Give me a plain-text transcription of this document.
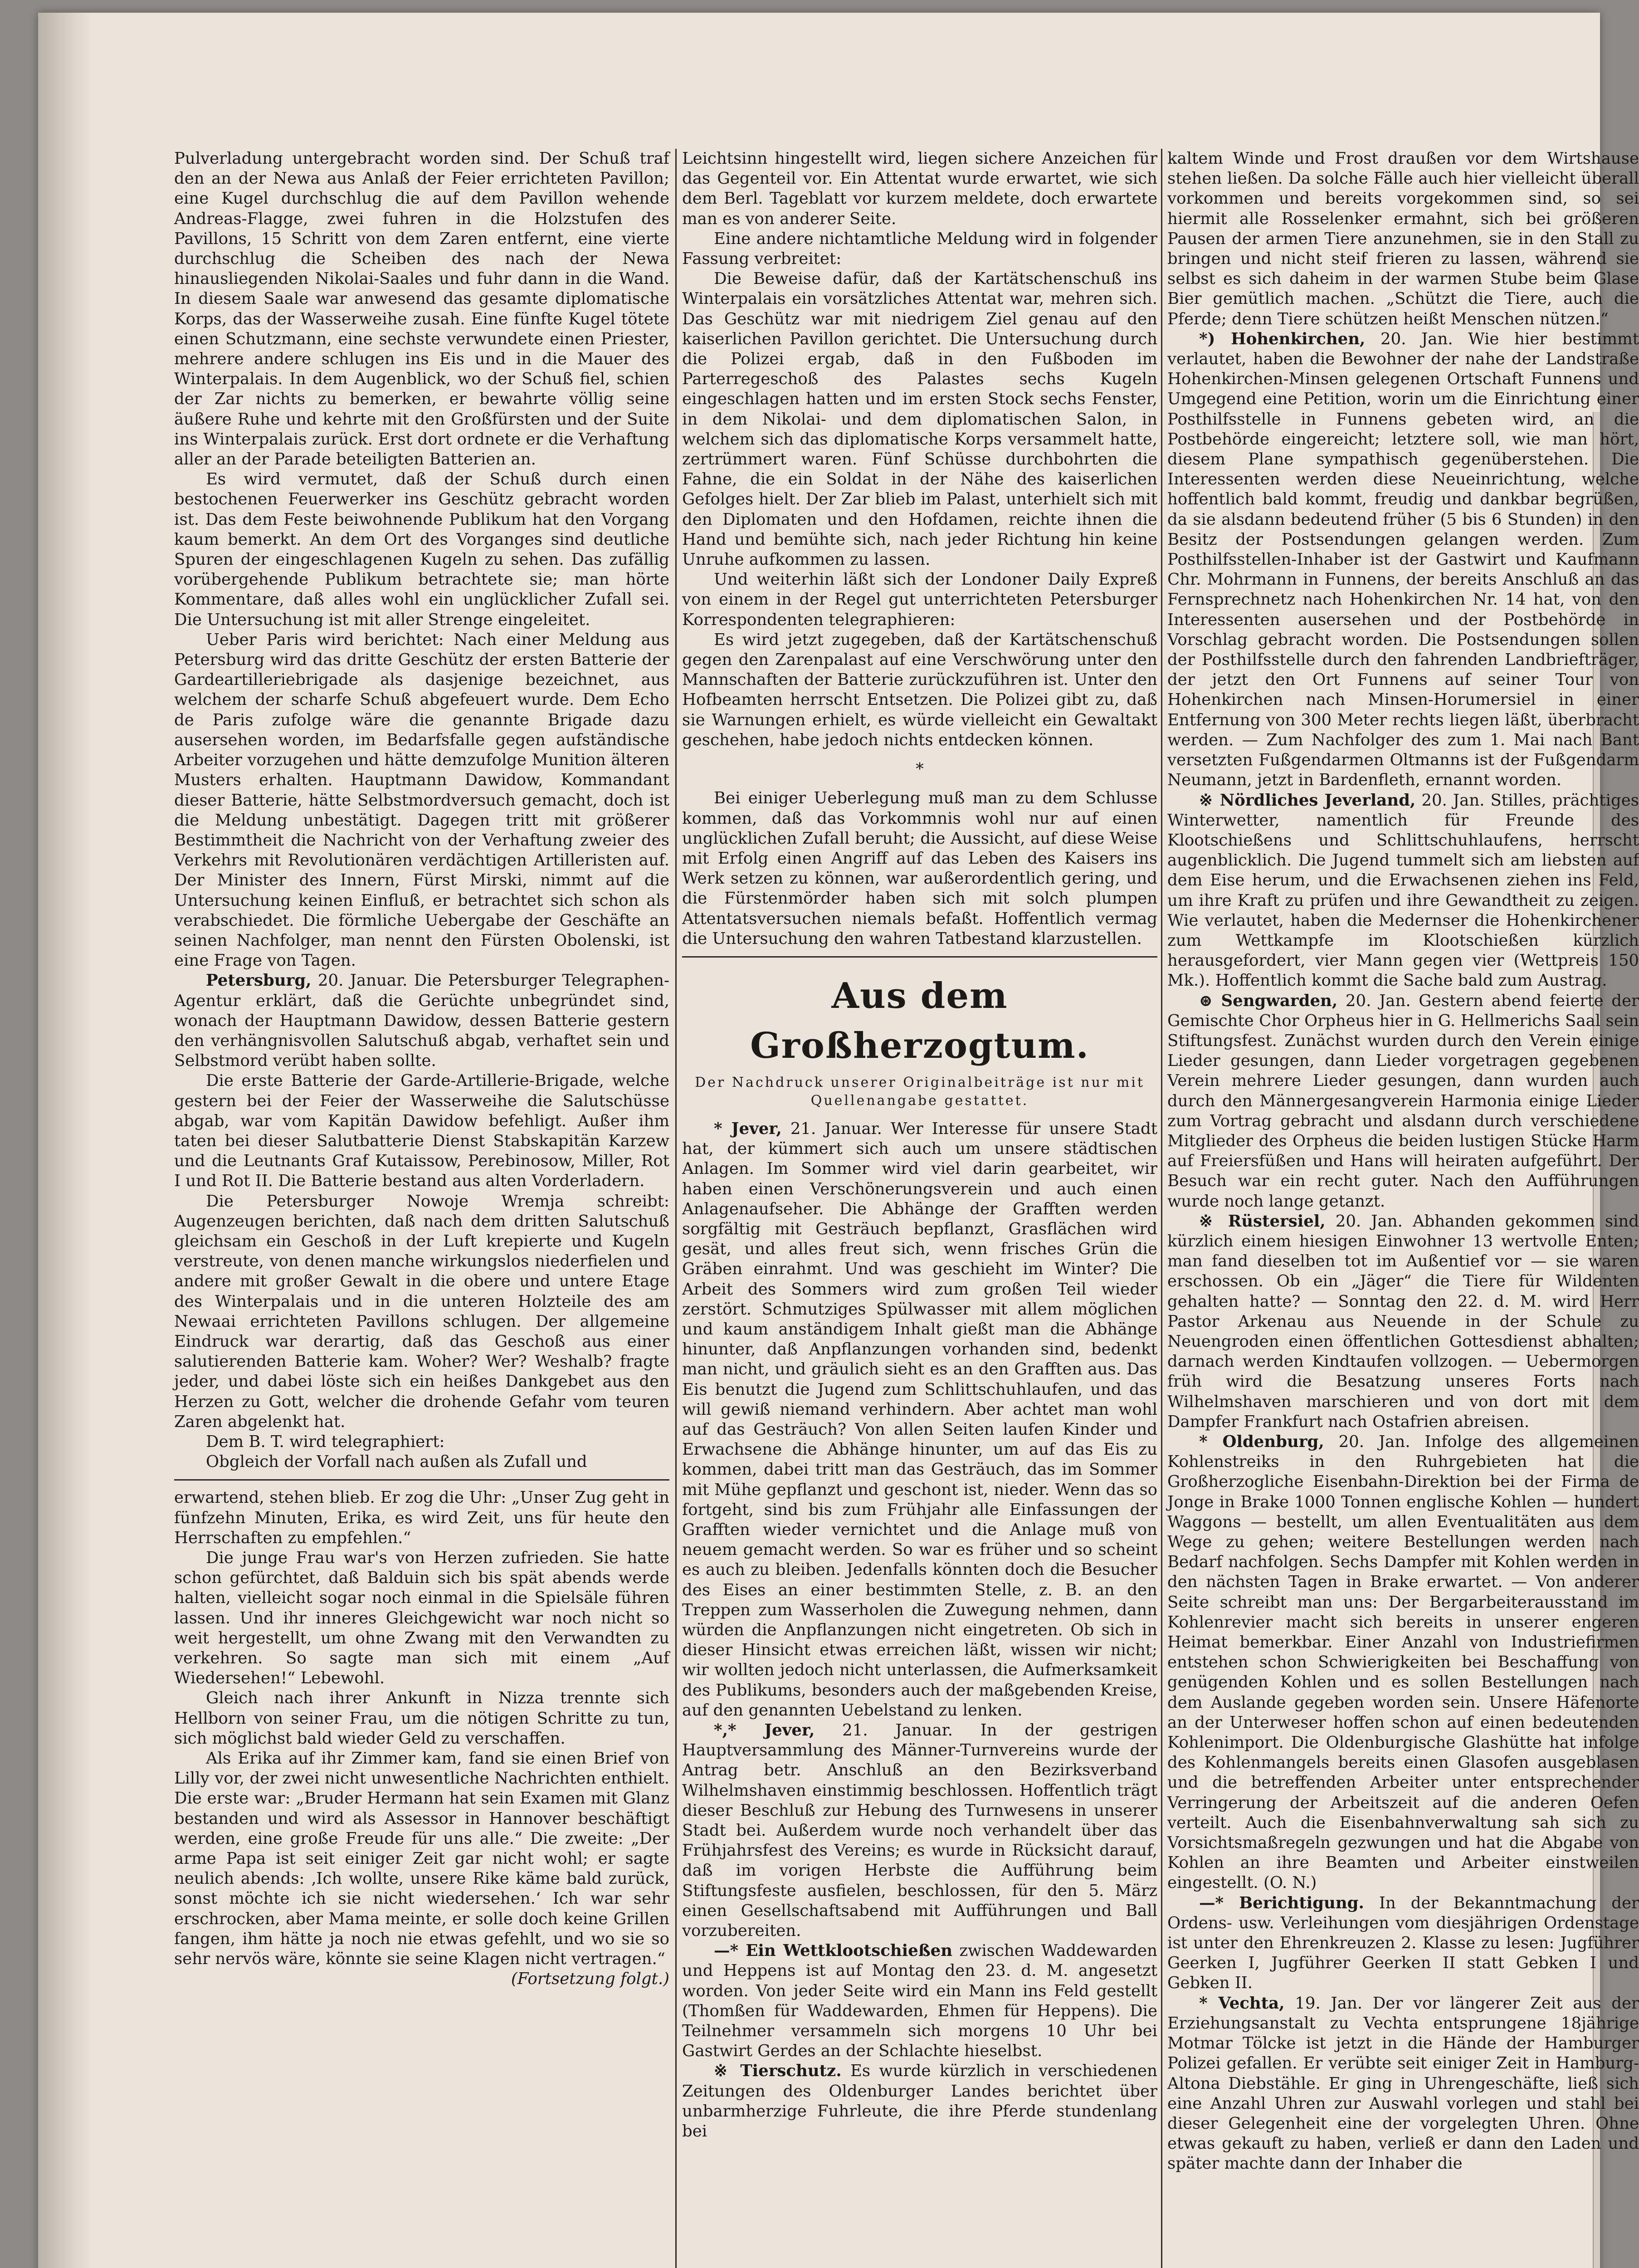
Pulverladung untergebracht worden sind. Der Schuß traf den an der Newa aus Anlaß der Feier errichteten Pavillon; eine Kugel durchschlug die auf dem Pavillon wehende Andreas-Flagge, zwei fuhren in die Holzstufen des Pavillons, 15 Schritt von dem Zaren entfernt, eine vierte durchschlug die Scheiben des nach der Newa hinausliegenden Nikolai-Saales und fuhr dann in die Wand. In diesem Saale war anwesend das gesamte diplomatische Korps, das der Wasserweihe zusah. Eine fünfte Kugel tötete einen Schutzmann, eine sechste verwundete einen Priester, mehrere andere schlugen ins Eis und in die Mauer des Winterpalais. In dem Augenblick, wo der Schuß fiel, schien der Zar nichts zu bemerken, er bewahrte völlig seine äußere Ruhe und kehrte mit den Großfürsten und der Suite ins Winterpalais zurück. Erst dort ordnete er die Verhaftung aller an der Parade beteiligten Batterien an.

Es wird vermutet, daß der Schuß durch einen bestochenen Feuerwerker ins Geschütz gebracht worden ist. Das dem Feste beiwohnende Publikum hat den Vorgang kaum bemerkt. An dem Ort des Vorganges sind deutliche Spuren der eingeschlagenen Kugeln zu sehen. Das zufällig vorübergehende Publikum betrachtete sie; man hörte Kommentare, daß alles wohl ein unglücklicher Zufall sei. Die Untersuchung ist mit aller Strenge eingeleitet.

Ueber Paris wird berichtet: Nach einer Meldung aus Petersburg wird das dritte Geschütz der ersten Batterie der Gardeartilleriebrigade als dasjenige bezeichnet, aus welchem der scharfe Schuß abgefeuert wurde. Dem Echo de Paris zufolge wäre die genannte Brigade dazu ausersehen worden, im Bedarfsfalle gegen aufständische Arbeiter vorzugehen und hätte demzufolge Munition älteren Musters erhalten. Hauptmann Dawidow, Kommandant dieser Batterie, hätte Selbstmordversuch gemacht, doch ist die Meldung unbestätigt. Dagegen tritt mit größerer Bestimmtheit die Nachricht von der Verhaftung zweier des Verkehrs mit Revolutionären verdächtigen Artilleristen auf. Der Minister des Innern, Fürst Mirski, nimmt auf die Untersuchung keinen Einfluß, er betrachtet sich schon als verabschiedet. Die förmliche Uebergabe der Geschäfte an seinen Nachfolger, man nennt den Fürsten Obolenski, ist eine Frage von Tagen.

Petersburg, 20. Januar. Die Petersburger Telegraphen-Agentur erklärt, daß die Gerüchte unbegründet sind, wonach der Hauptmann Dawidow, dessen Batterie gestern den verhängnisvollen Salutschuß abgab, verhaftet sein und Selbstmord verübt haben sollte.

Die erste Batterie der Garde-Artillerie-Brigade, welche gestern bei der Feier der Wasserweihe die Salutschüsse abgab, war vom Kapitän Dawidow befehligt. Außer ihm taten bei dieser Salutbatterie Dienst Stabskapitän Karzew und die Leutnants Graf Kutaissow, Perebinosow, Miller, Rot I und Rot II. Die Batterie bestand aus alten Vorderladern.

Die Petersburger Nowoje Wremja schreibt: Augenzeugen berichten, daß nach dem dritten Salutschuß gleichsam ein Geschoß in der Luft krepierte und Kugeln verstreute, von denen manche wirkungslos niederfielen und andere mit großer Gewalt in die obere und untere Etage des Winterpalais und in die unteren Holzteile des am Newaai errichteten Pavillons schlugen. Der allgemeine Eindruck war derartig, daß das Geschoß aus einer salutierenden Batterie kam. Woher? Wer? Weshalb? fragte jeder, und dabei löste sich ein heißes Dankgebet aus den Herzen zu Gott, welcher die drohende Gefahr vom teuren Zaren abgelenkt hat.

Dem B. T. wird telegraphiert:

Obgleich der Vorfall nach außen als Zufall und

erwartend, stehen blieb. Er zog die Uhr: „Unser Zug geht in fünfzehn Minuten, Erika, es wird Zeit, uns für heute den Herrschaften zu empfehlen.“

Die junge Frau war's von Herzen zufrieden. Sie hatte schon gefürchtet, daß Balduin sich bis spät abends werde halten, vielleicht sogar noch einmal in die Spielsäle führen lassen. Und ihr inneres Gleichgewicht war noch nicht so weit hergestellt, um ohne Zwang mit den Verwandten zu verkehren. So sagte man sich mit einem „Auf Wiedersehen!“ Lebewohl.

Gleich nach ihrer Ankunft in Nizza trennte sich Hellborn von seiner Frau, um die nötigen Schritte zu tun, sich möglichst bald wieder Geld zu verschaffen.

Als Erika auf ihr Zimmer kam, fand sie einen Brief von Lilly vor, der zwei nicht unwesentliche Nachrichten enthielt. Die erste war: „Bruder Hermann hat sein Examen mit Glanz bestanden und wird als Assessor in Hannover beschäftigt werden, eine große Freude für uns alle.“ Die zweite: „Der arme Papa ist seit einiger Zeit gar nicht wohl; er sagte neulich abends: ‚Ich wollte, unsere Rike käme bald zurück, sonst möchte ich sie nicht wiedersehen.‘ Ich war sehr erschrocken, aber Mama meinte, er solle doch keine Grillen fangen, ihm hätte ja noch nie etwas gefehlt, und wo sie so sehr nervös wäre, könnte sie seine Klagen nicht vertragen.“

(Fortsetzung folgt.)

Leichtsinn hingestellt wird, liegen sichere Anzeichen für das Gegenteil vor. Ein Attentat wurde erwartet, wie sich dem Berl. Tageblatt vor kurzem meldete, doch erwartete man es von anderer Seite.

Eine andere nichtamtliche Meldung wird in folgender Fassung verbreitet:

Die Beweise dafür, daß der Kartätschenschuß ins Winterpalais ein vorsätzliches Attentat war, mehren sich. Das Geschütz war mit niedrigem Ziel genau auf den kaiserlichen Pavillon gerichtet. Die Untersuchung durch die Polizei ergab, daß in den Fußboden im Parterregeschoß des Palastes sechs Kugeln eingeschlagen hatten und im ersten Stock sechs Fenster, in dem Nikolai- und dem diplomatischen Salon, in welchem sich das diplomatische Korps versammelt hatte, zertrümmert waren. Fünf Schüsse durchbohrten die Fahne, die ein Soldat in der Nähe des kaiserlichen Gefolges hielt. Der Zar blieb im Palast, unterhielt sich mit den Diplomaten und den Hofdamen, reichte ihnen die Hand und bemühte sich, nach jeder Richtung hin keine Unruhe aufkommen zu lassen.

Und weiterhin läßt sich der Londoner Daily Expreß von einem in der Regel gut unterrichteten Petersburger Korrespondenten telegraphieren:

Es wird jetzt zugegeben, daß der Kartätschenschuß gegen den Zarenpalast auf eine Verschwörung unter den Mannschaften der Batterie zurückzuführen ist. Unter den Hofbeamten herrscht Entsetzen. Die Polizei gibt zu, daß sie Warnungen erhielt, es würde vielleicht ein Gewaltakt geschehen, habe jedoch nichts entdecken können.

*

Bei einiger Ueberlegung muß man zu dem Schlusse kommen, daß das Vorkommnis wohl nur auf einen unglücklichen Zufall beruht; die Aussicht, auf diese Weise mit Erfolg einen Angriff auf das Leben des Kaisers ins Werk setzen zu können, war außerordentlich gering, und die Fürstenmörder haben sich mit solch plumpen Attentatsversuchen niemals befaßt. Hoffentlich vermag die Untersuchung den wahren Tatbestand klarzustellen.

Aus dem Großherzogtum.
Der Nachdruck unserer Originalbeiträge ist nur mit Quellenangabe gestattet.

* Jever, 21. Januar. Wer Interesse für unsere Stadt hat, der kümmert sich auch um unsere städtischen Anlagen. Im Sommer wird viel darin gearbeitet, wir haben einen Verschönerungsverein und auch einen Anlagenaufseher. Die Abhänge der Grafften werden sorgfältig mit Gesträuch bepflanzt, Grasflächen wird gesät, und alles freut sich, wenn frisches Grün die Gräben einrahmt. Und was geschieht im Winter? Die Arbeit des Sommers wird zum großen Teil wieder zerstört. Schmutziges Spülwasser mit allem möglichen und kaum anständigem Inhalt gießt man die Abhänge hinunter, daß Anpflanzungen vorhanden sind, bedenkt man nicht, und gräulich sieht es an den Grafften aus. Das Eis benutzt die Jugend zum Schlittschuhlaufen, und das will gewiß niemand verhindern. Aber achtet man wohl auf das Gesträuch? Von allen Seiten laufen Kinder und Erwachsene die Abhänge hinunter, um auf das Eis zu kommen, dabei tritt man das Gesträuch, das im Sommer mit Mühe gepflanzt und geschont ist, nieder. Wenn das so fortgeht, sind bis zum Frühjahr alle Einfassungen der Grafften wieder vernichtet und die Anlage muß von neuem gemacht werden. So war es früher und so scheint es auch zu bleiben. Jedenfalls könnten doch die Besucher des Eises an einer bestimmten Stelle, z. B. an den Treppen zum Wasserholen die Zuwegung nehmen, dann würden die Anpflanzungen nicht eingetreten. Ob sich in dieser Hinsicht etwas erreichen läßt, wissen wir nicht; wir wollten jedoch nicht unterlassen, die Aufmerksamkeit des Publikums, besonders auch der maßgebenden Kreise, auf den genannten Uebelstand zu lenken.

*,* Jever, 21. Januar. In der gestrigen Hauptversammlung des Männer-Turnvereins wurde der Antrag betr. Anschluß an den Bezirksverband Wilhelmshaven einstimmig beschlossen. Hoffentlich trägt dieser Beschluß zur Hebung des Turnwesens in unserer Stadt bei. Außerdem wurde noch verhandelt über das Frühjahrsfest des Vereins; es wurde in Rücksicht darauf, daß im vorigen Herbste die Aufführung beim Stiftungsfeste ausfielen, beschlossen, für den 5. März einen Gesellschaftsabend mit Aufführungen und Ball vorzubereiten.

—* Ein Wettklootschießen zwischen Waddewarden und Heppens ist auf Montag den 23. d. M. angesetzt worden. Von jeder Seite wird ein Mann ins Feld gestellt (Thomßen für Waddewarden, Ehmen für Heppens). Die Teilnehmer versammeln sich morgens 10 Uhr bei Gastwirt Gerdes an der Schlachte hieselbst.

※ Tierschutz. Es wurde kürzlich in verschiedenen Zeitungen des Oldenburger Landes berichtet über unbarmherzige Fuhrleute, die ihre Pferde stundenlang bei

kaltem Winde und Frost draußen vor dem Wirtshause stehen ließen. Da solche Fälle auch hier vielleicht überall vorkommen und bereits vorgekommen sind, so sei hiermit alle Rosselenker ermahnt, sich bei größeren Pausen der armen Tiere anzunehmen, sie in den Stall zu bringen und nicht steif frieren zu lassen, während sie selbst es sich daheim in der warmen Stube beim Glase Bier gemütlich machen. „Schützt die Tiere, auch die Pferde; denn Tiere schützen heißt Menschen nützen.“

*) Hohenkirchen, 20. Jan. Wie hier bestimmt verlautet, haben die Bewohner der nahe der Landstraße Hohenkirchen-Minsen gelegenen Ortschaft Funnens und Umgegend eine Petition, worin um die Einrichtung einer Posthilfsstelle in Funnens gebeten wird, an die Postbehörde eingereicht; letztere soll, wie man hört, diesem Plane sympathisch gegenüberstehen. Die Interessenten werden diese Neueinrichtung, welche hoffentlich bald kommt, freudig und dankbar begrüßen, da sie alsdann bedeutend früher (5 bis 6 Stunden) in den Besitz der Postsendungen gelangen werden. Zum Posthilfsstellen-Inhaber ist der Gastwirt und Kaufmann Chr. Mohrmann in Funnens, der bereits Anschluß an das Fernsprechnetz nach Hohenkirchen Nr. 14 hat, von den Interessenten ausersehen und der Postbehörde in Vorschlag gebracht worden. Die Postsendungen sollen der Posthilfsstelle durch den fahrenden Landbriefträger, der jetzt den Ort Funnens auf seiner Tour von Hohenkirchen nach Minsen-Horumersiel in einer Entfernung von 300 Meter rechts liegen läßt, überbracht werden. — Zum Nachfolger des zum 1. Mai nach Bant versetzten Fußgendarmen Oltmanns ist der Fußgendarm Neumann, jetzt in Bardenfleth, ernannt worden.

※ Nördliches Jeverland, 20. Jan. Stilles, prächtiges Winterwetter, namentlich für Freunde des Klootschießens und Schlittschuhlaufens, herrscht augenblicklich. Die Jugend tummelt sich am liebsten auf dem Eise herum, und die Erwachsenen ziehen ins Feld, um ihre Kraft zu prüfen und ihre Gewandtheit zu zeigen. Wie verlautet, haben die Medernser die Hohenkirchener zum Wettkampfe im Klootschießen kürzlich herausgefordert, vier Mann gegen vier (Wettpreis 150 Mk.). Hoffentlich kommt die Sache bald zum Austrag.

⊛ Sengwarden, 20. Jan. Gestern abend feierte der Gemischte Chor Orpheus hier in G. Hellmerichs Saal sein Stiftungsfest. Zunächst wurden durch den Verein einige Lieder gesungen, dann Lieder vorgetragen gegebenen Verein mehrere Lieder gesungen, dann wurden auch durch den Männergesangverein Harmonia einige Lieder zum Vortrag gebracht und alsdann durch verschiedene Mitglieder des Orpheus die beiden lustigen Stücke Harm auf Freiersfüßen und Hans will heiraten aufgeführt. Der Besuch war ein recht guter. Nach den Aufführungen wurde noch lange getanzt.

※ Rüstersiel, 20. Jan. Abhanden gekommen sind kürzlich einem hiesigen Einwohner 13 wertvolle Enten; man fand dieselben tot im Außentief vor — sie waren erschossen. Ob ein „Jäger“ die Tiere für Wildenten gehalten hatte? — Sonntag den 22. d. M. wird Herr Pastor Arkenau aus Neuende in der Schule zu Neuengroden einen öffentlichen Gottesdienst abhalten; darnach werden Kindtaufen vollzogen. — Uebermorgen früh wird die Besatzung unseres Forts nach Wilhelmshaven marschieren und von dort mit dem Dampfer Frankfurt nach Ostafrien abreisen.

* Oldenburg, 20. Jan. Infolge des allgemeinen Kohlenstreiks in den Ruhrgebieten hat die Großherzogliche Eisenbahn-Direktion bei der Firma de Jonge in Brake 1000 Tonnen englische Kohlen — hundert Waggons — bestellt, um allen Eventualitäten aus dem Wege zu gehen; weitere Bestellungen werden nach Bedarf nachfolgen. Sechs Dampfer mit Kohlen werden in den nächsten Tagen in Brake erwartet. — Von anderer Seite schreibt man uns: Der Bergarbeiterausstand im Kohlenrevier macht sich bereits in unserer engeren Heimat bemerkbar. Einer Anzahl von Industriefirmen entstehen schon Schwierigkeiten bei Beschaffung von genügenden Kohlen und es sollen Bestellungen nach dem Auslande gegeben worden sein. Unsere Häfenorte an der Unterweser hoffen schon auf einen bedeutenden Kohlenimport. Die Oldenburgische Glashütte hat infolge des Kohlenmangels bereits einen Glasofen ausgeblasen und die betreffenden Arbeiter unter entsprechender Verringerung der Arbeitszeit auf die anderen Oefen verteilt. Auch die Eisenbahnverwaltung sah sich zu Vorsichtsmaßregeln gezwungen und hat die Abgabe von Kohlen an ihre Beamten und Arbeiter einstweilen eingestellt. (O. N.)

—* Berichtigung. In der Bekanntmachung der Ordens- usw. Verleihungen vom diesjährigen Ordenstage ist unter den Ehrenkreuzen 2. Klasse zu lesen: Jugführer Geerken I, Jugführer Geerken II statt Gebken I und Gebken II.

* Vechta, 19. Jan. Der vor längerer Zeit aus der Erziehungsanstalt zu Vechta entsprungene 18jährige Motmar Tölcke ist jetzt in die Hände der Hamburger Polizei gefallen. Er verübte seit einiger Zeit in Hamburg-Altona Diebstähle. Er ging in Uhrengeschäfte, ließ sich eine Anzahl Uhren zur Auswahl vorlegen und stahl bei dieser Gelegenheit eine der vorgelegten Uhren. Ohne etwas gekauft zu haben, verließ er dann den Laden und später machte dann der Inhaber die
